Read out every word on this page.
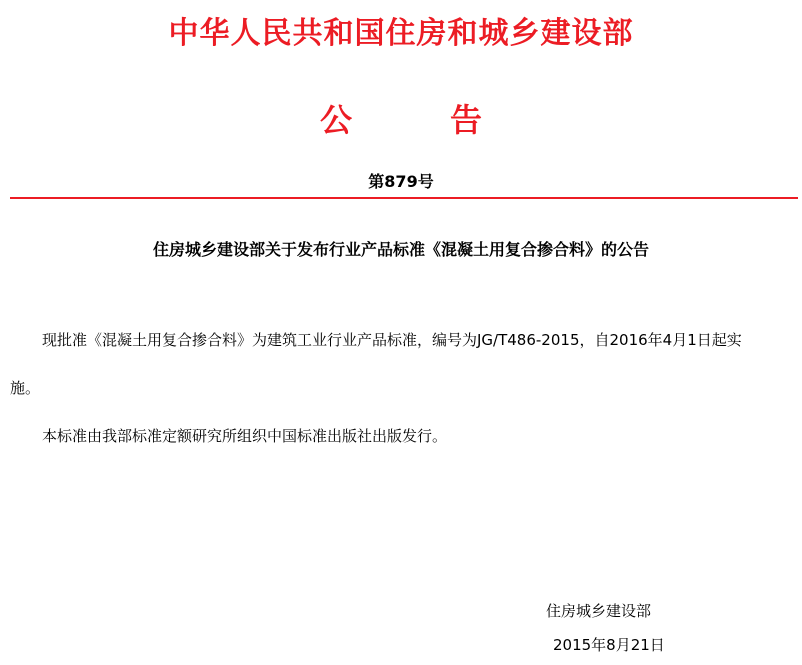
中华人民共和国住房和城乡建设部
公告
第879号
住房城乡建设部关于发布行业产品标准《混凝土用复合掺合料》的公告
现批准《混凝土用复合掺合料》为建筑工业行业产品标准，编号为JG/T486-2015，自2016年4月1日起实
施。
本标准由我部标准定额研究所组织中国标准出版社出版发行。
住房城乡建设部
2015年8月21日
